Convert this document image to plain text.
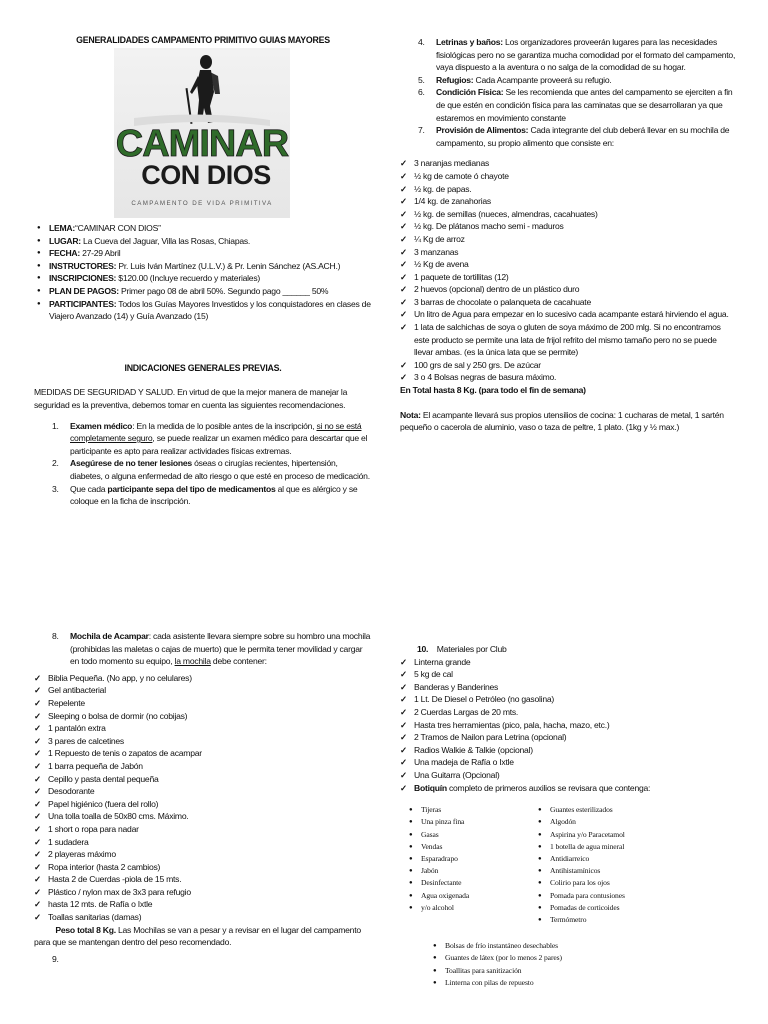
GENERALIDADES CAMPAMENTO PRIMITIVO GUIAS MAYORES
CAMINAR
CON DIOS
CAMPAMENTO DE VIDA PRIMITIVA
● LEMA:“CAMINAR CON DIOS”
● LUGAR: La Cueva del Jaguar, Villa las Rosas, Chiapas.
● FECHA: 27-29 Abril
● INSTRUCTORES: Pr. Luis Iván Martínez (U.L.V.) & Pr. Lenin Sánchez (AS.ACH.)
● INSCRIPCIONES: $120.00 (Incluye recuerdo y materiales)
● PLAN DE PAGOS: Primer pago 08 de abril 50%. Segundo pago ______ 50%
● PARTICIPANTES: Todos los Guías Mayores Investidos y los conquistadores en clases de Viajero Avanzado (14) y Guía Avanzado (15)
INDICACIONES GENERALES PREVIAS.
MEDIDAS DE SEGURIDAD Y SALUD. En virtud de que la mejor manera de manejar la seguridad es la preventiva, debemos tomar en cuenta las siguientes recomendaciones.
1. Examen médico: En la medida de lo posible antes de la inscripción, si no se está completamente seguro, se puede realizar un examen médico para descartar que el participante es apto para realizar actividades físicas extremas.
2. Asegúrese de no tener lesiones óseas o cirugías recientes, hipertensión, diabetes, o alguna enfermedad de alto riesgo o que esté en proceso de medicación.
3. Que cada participante sepa del tipo de medicamentos al que es alérgico y se coloque en la ficha de inscripción.
4. Letrinas y baños: Los organizadores proveerán lugares para las necesidades fisiológicas pero no se garantiza mucha comodidad por el formato del campamento, vaya dispuesto a la aventura o no salga de la comodidad de su hogar.
5. Refugios: Cada Acampante proveerá su refugio.
6. Condición Física: Se les recomienda que antes del campamento se ejerciten a fin de que estén en condición física para las caminatas que se desarrollaran ya que estaremos en movimiento constante
7. Provisión de Alimentos: Cada integrante del club deberá llevar en su mochila de campamento, su propio alimento que consiste en:
✓ 3 naranjas medianas
✓ ½ kg de camote ó chayote
✓ ½ kg. de papas.
✓ 1/4 kg. de zanahorias
✓ ½ kg. de semillas (nueces, almendras, cacahuates)
✓ ½ kg. De plátanos macho semi - maduros
✓ ¼ Kg de arroz
✓ 3 manzanas
✓ ½ Kg de avena
✓ 1 paquete de tortillitas (12)
✓ 2 huevos (opcional) dentro de un plástico duro
✓ 3 barras de chocolate o palanqueta de cacahuate
✓ Un litro de Agua para empezar en lo sucesivo cada acampante estará hirviendo el agua.
✓ 1 lata de salchichas de soya o gluten de soya máximo de 200 mlg. Si no encontramos este producto se permite una lata de frijol refrito del mismo tamaño pero no se puede llevar ambas. (es la única lata que se permite)
✓ 100 grs de sal y 250 grs. De azúcar
✓ 3 o 4 Bolsas negras de basura máximo.
En Total hasta 8 Kg. (para todo el fin de semana)
Nota: El acampante llevará sus propios utensilios de cocina: 1 cucharas de metal, 1 sartén pequeño o cacerola de aluminio, vaso o taza de peltre, 1 plato. (1kg y ½ max.)
8. Mochila de Acampar: cada asistente llevara siempre sobre su hombro una mochila (prohibidas las maletas o cajas de muerto) que le permita tener movilidad y cargar en todo momento su equipo, la mochila debe contener:
✓ Biblia Pequeña. (No app, y no celulares)
✓ Gel antibacterial
✓ Repelente
✓ Sleeping o bolsa de dormir (no cobijas)
✓ 1 pantalón extra
✓ 3 pares de calcetines
✓ 1 Repuesto de tenis o zapatos de acampar
✓ 1 barra pequeña de Jabón
✓ Cepillo y pasta dental pequeña
✓ Desodorante
✓ Papel higiénico (fuera del rollo)
✓ Una tolla toalla de 50x80 cms. Máximo.
✓ 1 short o ropa para nadar
✓ 1 sudadera
✓ 2 playeras máximo
✓ Ropa interior (hasta 2 cambios)
✓ Hasta 2 de Cuerdas -piola de 15 mts.
✓ Plástico / nylon max de 3x3 para refugio
✓ hasta 12 mts. de Rafía o Ixtle
✓ Toallas sanitarias (damas)
Peso total 8 Kg. Las Mochilas se van a pesar y a revisar en el lugar del campamento para que se mantengan dentro del peso recomendado.
9.
10. Materiales por Club
✓ Linterna grande
✓ 5 kg de cal
✓ Banderas y Banderines
✓ 1 Lt. De Diesel o Petróleo (no gasolina)
✓ 2 Cuerdas Largas de 20 mts.
✓ Hasta tres herramientas (pico, pala, hacha, mazo, etc.)
✓ 2 Tramos de Nailon para Letrina (opcional)
✓ Radios Walkie & Talkie (opcional)
✓ Una madeja de Rafía o Ixtle
✓ Una Guitarra (Opcional)
✓ Botiquín completo de primeros auxilios se revisara que contenga:
● Tijeras
● Una pinza fina
● Gasas
● Vendas
● Esparadrapo
● Jabón
● Desinfectante
● Agua oxigenada
● y/o alcohol
● Guantes esterilizados
● Algodón
● Aspirina y/o Paracetamol
● 1 botella de agua mineral
● Antidiarreico
● Antihistamínicos
● Colirio para los ojos
● Pomada para contusiones
● Pomadas de corticoides
● Termómetro
● Bolsas de frío instantáneo desechables
● Guantes de látex (por lo menos 2 pares)
● Toallitas para sanitización
● Linterna con pilas de repuesto
